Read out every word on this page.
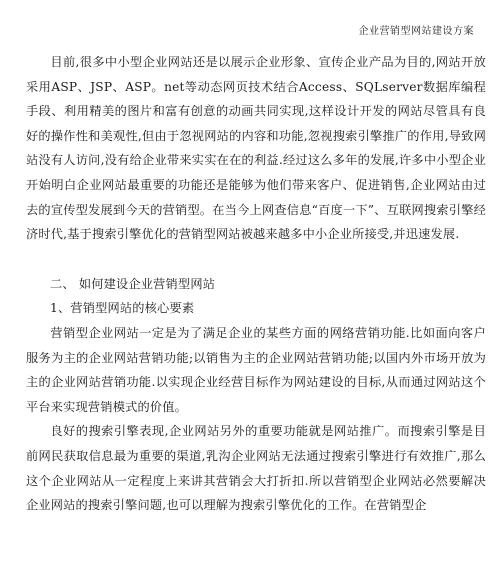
企业营销型网站建设方案

目前,很多中小型企业网站还是以展示企业形象、宣传企业产品为目的,网站开放采用ASP、JSP、ASP。net等动态网页技术结合Access、SQLserver数据库编程手段、利用精美的图片和富有创意的动画共同实现,这样设计开发的网站尽管具有良好的操作性和美观性,但由于忽视网站的内容和功能,忽视搜索引擎推广的作用,导致网站没有人访问,没有给企业带来实实在在的利益.经过这么多年的发展,许多中小型企业开始明白企业网站最重要的功能还是能够为他们带来客户、促进销售,企业网站由过去的宣传型发展到今天的营销型。在当今上网查信息“百度一下”、互联网搜索引擎经济时代,基于搜索引擎优化的营销型网站被越来越多中小企业所接受,并迅速发展.

二、 如何建设企业营销型网站

1、营销型网站的核心要素

营销型企业网站一定是为了满足企业的某些方面的网络营销功能.比如面向客户服务为主的企业网站营销功能;以销售为主的企业网站营销功能;以国内外市场开放为主的企业网站营销功能.以实现企业经营目标作为网站建设的目标,从而通过网站这个平台来实现营销模式的价值。

良好的搜索引擎表现,企业网站另外的重要功能就是网站推广。而搜索引擎是目前网民获取信息最为重要的渠道,乳沟企业网站无法通过搜索引擎进行有效推广,那么这个企业网站从一定程度上来讲其营销会大打折扣.所以营销型企业网站必然要解决企业网站的搜索引擎问题,也可以理解为搜索引擎优化的工作。在营销型企
